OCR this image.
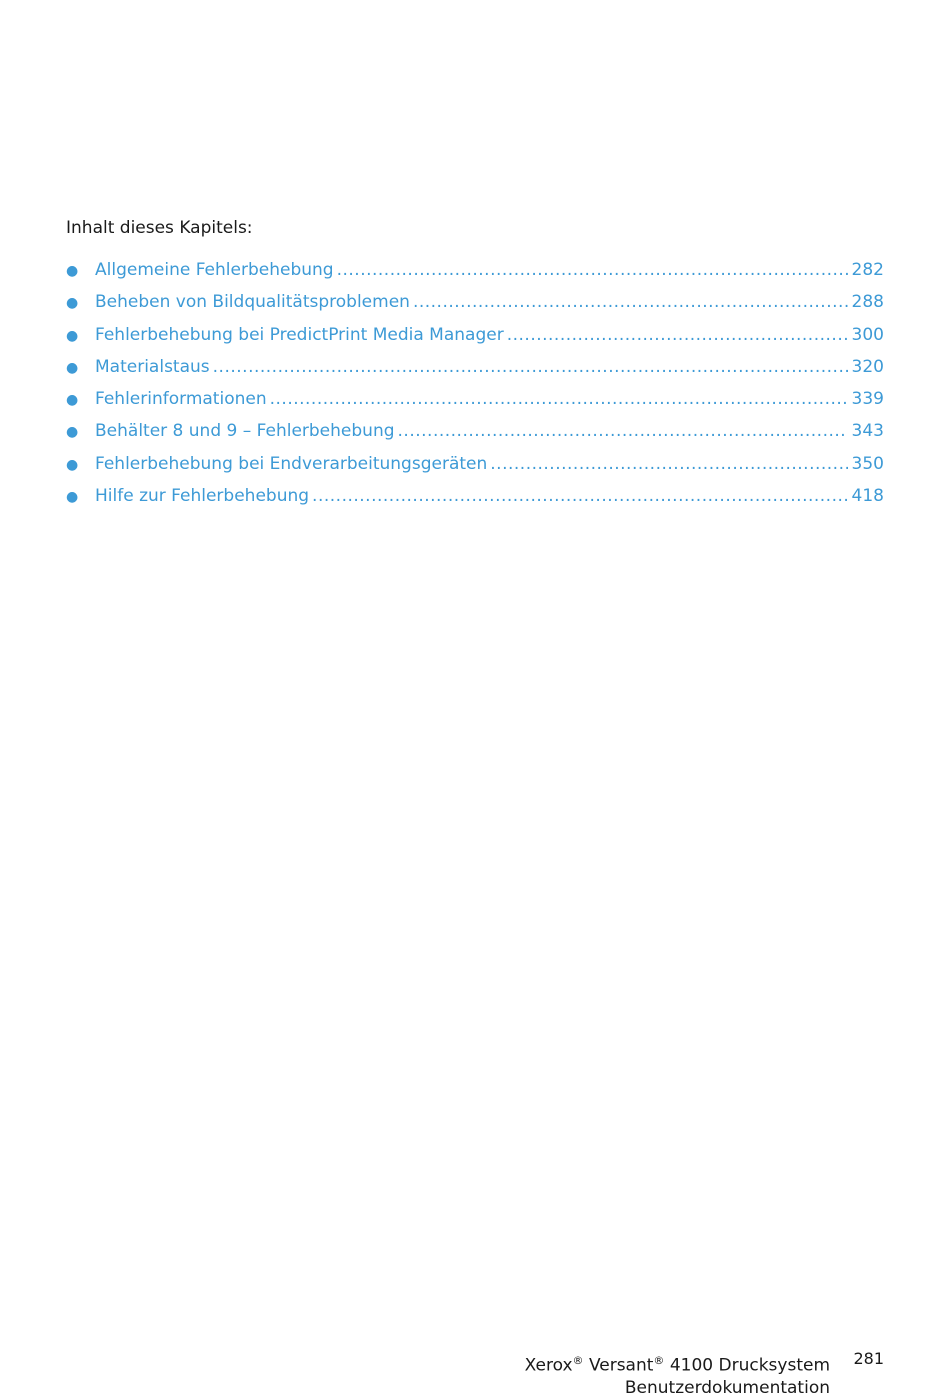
Inhalt dieses Kapitels:
● Allgemeine Fehlerbehebung .....	282
● Beheben von Bildqualitätsproblemen .....	288
● Fehlerbehebung bei PredictPrint Media Manager .....	300
● Materialstaus .....	320
● Fehlerinformationen .....	339
● Behälter 8 und 9 – Fehlerbehebung .....	343
● Fehlerbehebung bei Endverarbeitungsgeräten .....	350
● Hilfe zur Fehlerbehebung .....	418
Xerox® Versant® 4100 Drucksystem
Benutzerdokumentation
281
